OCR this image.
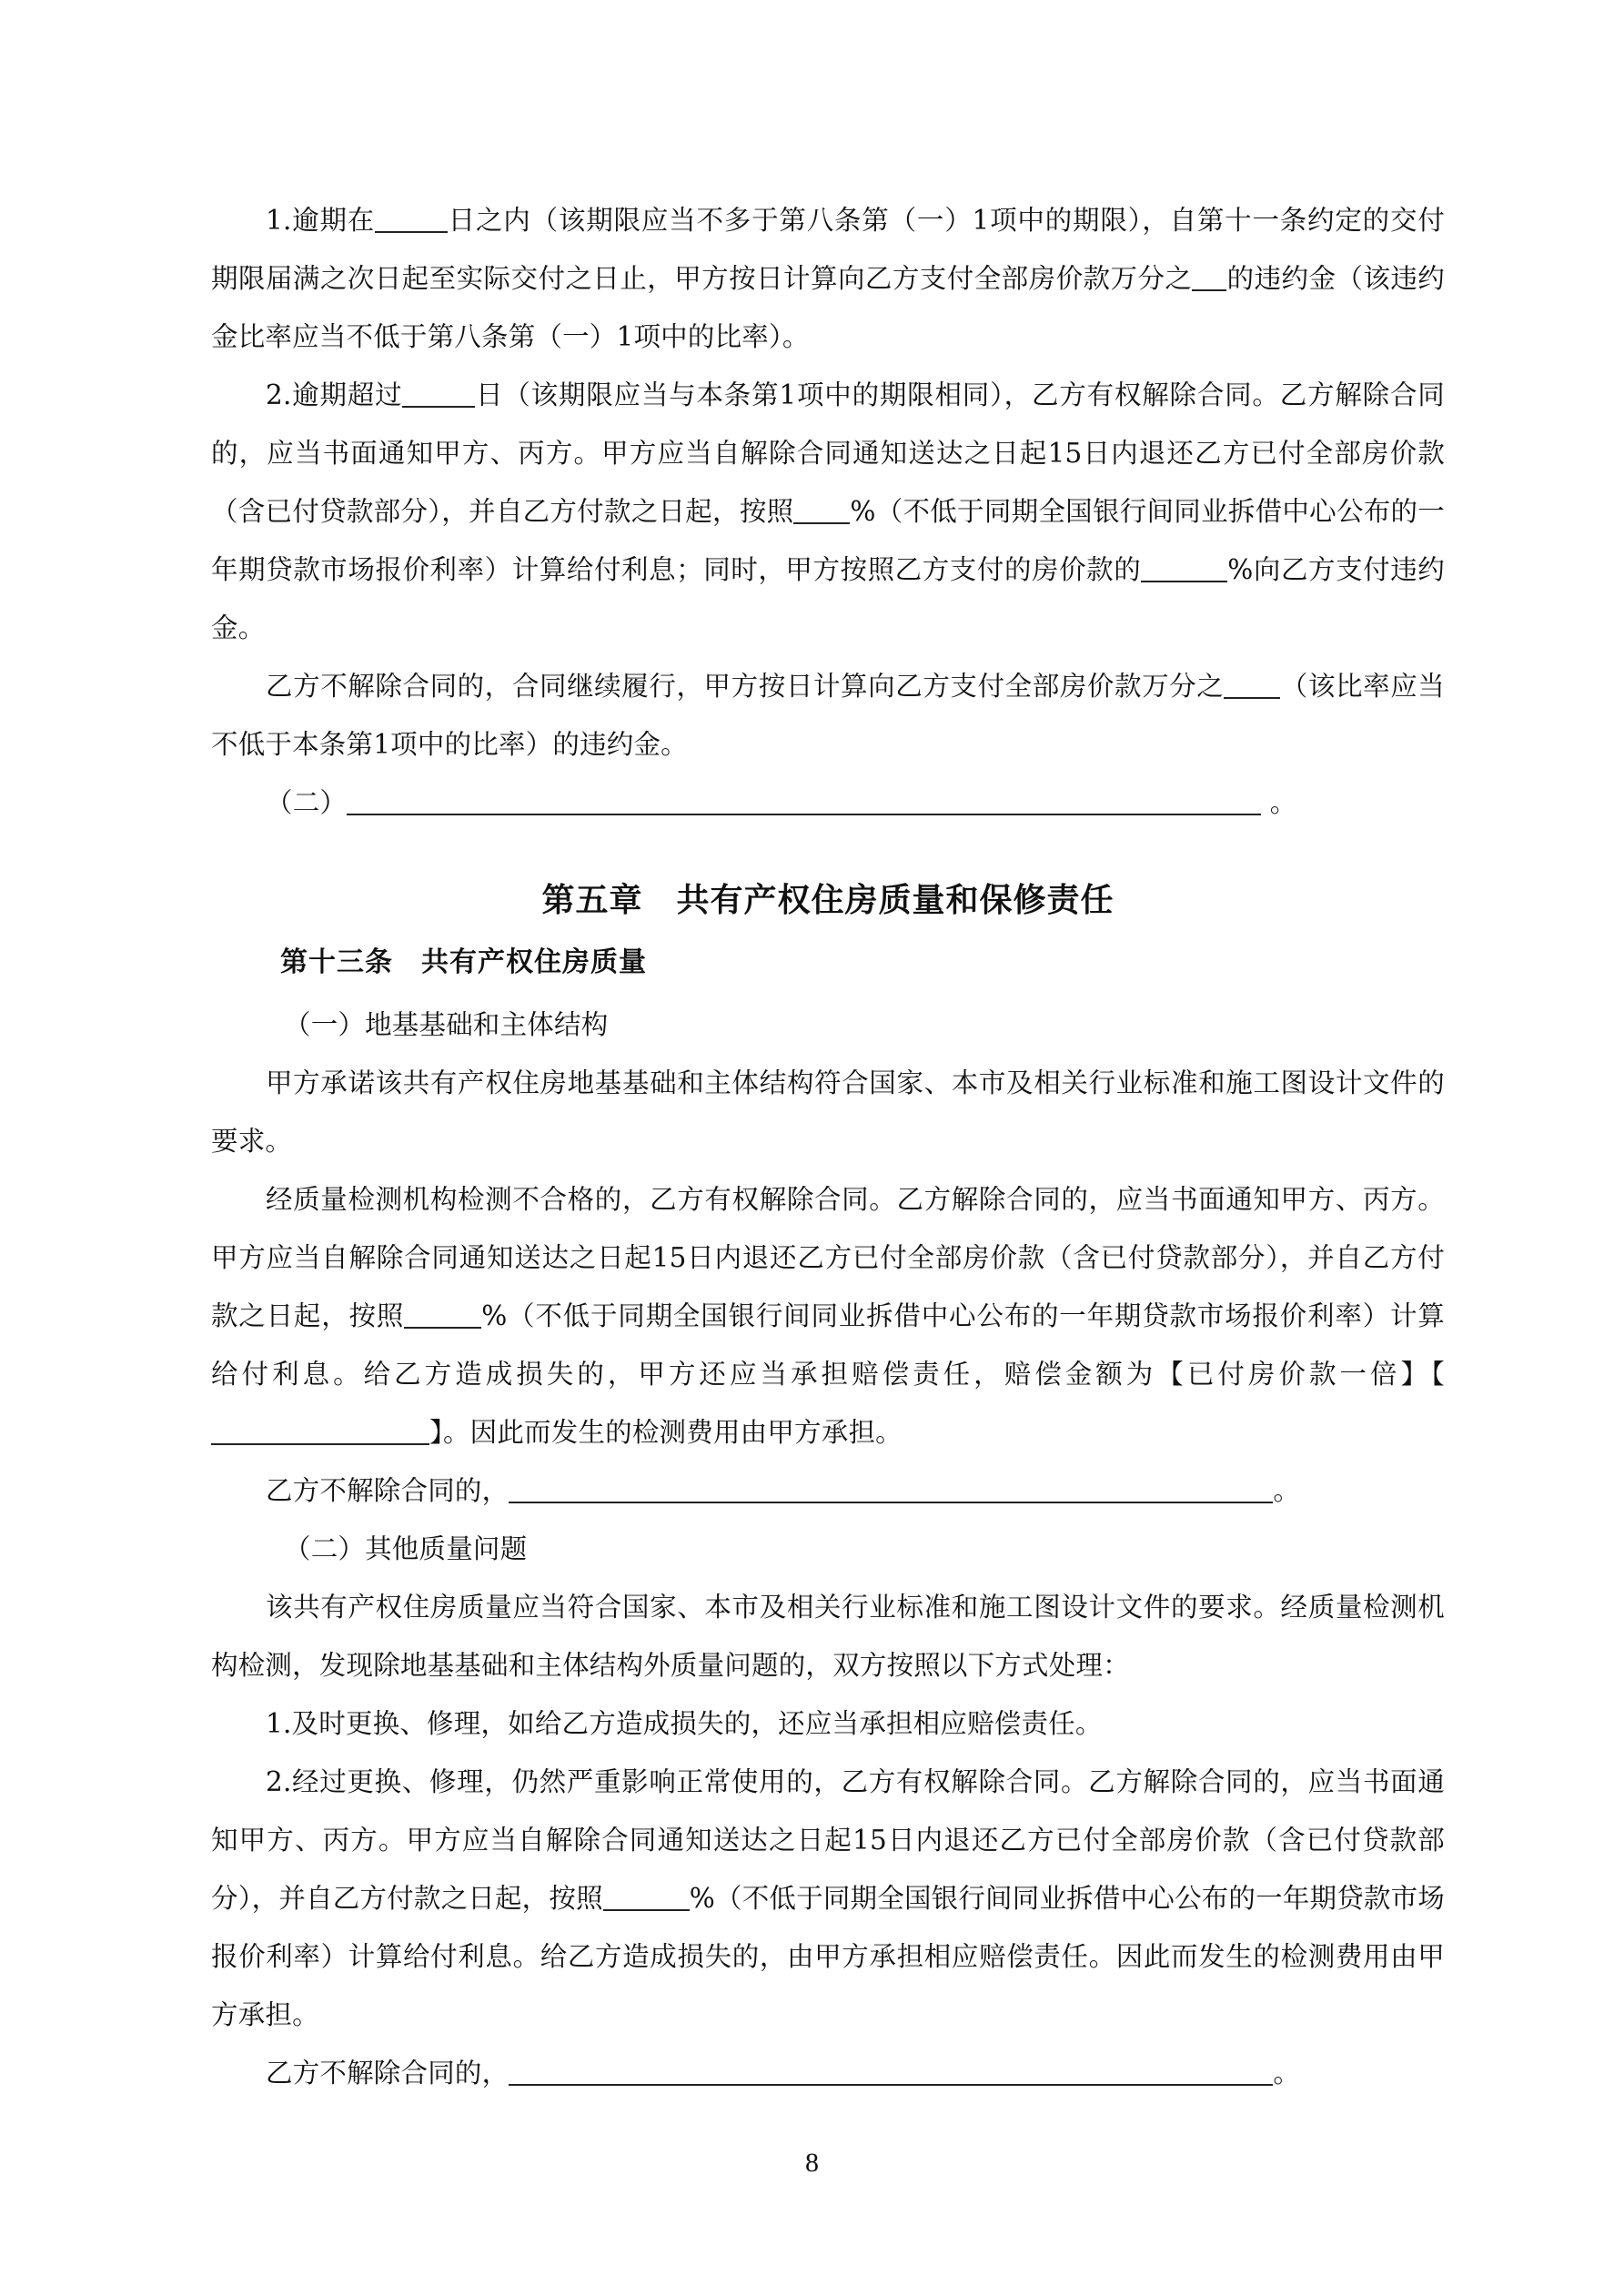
1.逾期在	日之内（该期限应当不多于第八条第（一）1项中的期限），自第十一条约定的交付期限届满之次日起至实际交付之日止，甲方按日计算向乙方支付全部房价款万分之 的违约金（该违约金比率应当不低于第八条第（一）1项中的比率）。

2.逾期超过	日（该期限应当与本条第1项中的期限相同），乙方有权解除合同。乙方解除合同的，应当书面通知甲方、丙方。甲方应当自解除合同通知送达之日起15日内退还乙方已付全部房价款（含已付贷款部分），并自乙方付款之日起，按照 %（不低于同期全国银行间同业拆借中心公布的一年期贷款市场报价利率）计算给付利息；同时，甲方按照乙方支付的房价款的	%向乙方支付违约金。

乙方不解除合同的，合同继续履行，甲方按日计算向乙方支付全部房价款万分之 （该比率应当不低于本条第1项中的比率）的违约金。

（二）	。

第五章　共有产权住房质量和保修责任
第十三条　共有产权住房质量

（一）地基基础和主体结构

甲方承诺该共有产权住房地基基础和主体结构符合国家、本市及相关行业标准和施工图设计文件的要求。

经质量检测机构检测不合格的，乙方有权解除合同。乙方解除合同的，应当书面通知甲方、丙方。甲方应当自解除合同通知送达之日起15日内退还乙方已付全部房价款（含已付贷款部分），并自乙方付款之日起，按照	%（不低于同期全国银行间同业拆借中心公布的一年期贷款市场报价利率）计算给付利息。给乙方造成损失的，甲方还应当承担赔偿责任，赔偿金额为【已付房价款一倍】【】。因此而发生的检测费用由甲方承担。

乙方不解除合同的，	。

（二）其他质量问题

该共有产权住房质量应当符合国家、本市及相关行业标准和施工图设计文件的要求。经质量检测机构检测，发现除地基基础和主体结构外质量问题的，双方按照以下方式处理：

1.及时更换、修理，如给乙方造成损失的，还应当承担相应赔偿责任。

2.经过更换、修理，仍然严重影响正常使用的，乙方有权解除合同。乙方解除合同的，应当书面通知甲方、丙方。甲方应当自解除合同通知送达之日起15日内退还乙方已付全部房价款（含已付贷款部分），并自乙方付款之日起，按照	%（不低于同期全国银行间同业拆借中心公布的一年期贷款市场报价利率）计算给付利息。给乙方造成损失的，由甲方承担相应赔偿责任。因此而发生的检测费用由甲方承担。

乙方不解除合同的，	。

8
